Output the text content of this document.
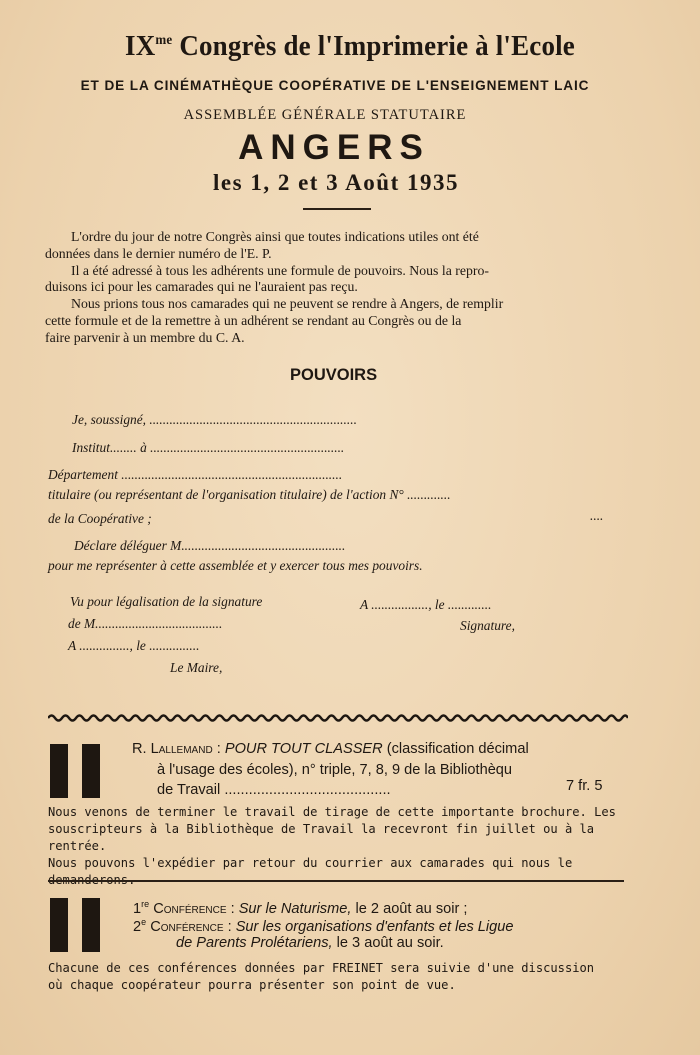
$IX^{me}$ Congrès de l'Imprimerie à l'Ecole
ET DE LA CINÉMATHÈQUE COOPÉRATIVE DE L'ENSEIGNEMENT LAIC
ASSEMBLÉE GÉNÉRALE STATUTAIRE
ANGERS
les 1, 2 et 3 Août 1935
L'ordre du jour de notre Congrès ainsi que toutes indications utiles ont été
données dans le dernier numéro de l'E. P.
Il a été adressé à tous les adhérents une formule de pouvoirs. Nous la repro-
duisons ici pour les camarades qui ne l'auraient pas reçu.
Nous prions tous nos camarades qui ne peuvent se rendre à Angers, de remplir
cette formule et de la remettre à un adhérent se rendant au Congrès ou de la
faire parvenir à un membre du C. A.
POUVOIRS
Je, soussigné, ..............................................................
Institut........ à ..........................................................
Département ..................................................................
titulaire (ou représentant de l'organisation titulaire) de l'action N° .............
de la Coopérative ;	....
Déclare déléguer M.................................................
pour me représenter à cette assemblée et y exercer tous mes pouvoirs.
Vu pour légalisation de la signature
de M......................................
A ..............., le ...............
Le Maire,
A ................., le .............
Signature,
R. Lallemand : POUR TOUT CLASSER (classification décimal
à l'usage des écoles), n° triple, 7, 8, 9 de la Bibliothèqu
de Travail .........................................	7 fr. 5
Nous venons de terminer le travail de tirage de cette importante brochure. Les
souscripteurs à la Bibliothèque de Travail la recevront fin juillet ou à la rentrée.
Nous pouvons l'expédier par retour du courrier aux camarades qui nous le
1re Conférence : Sur le Naturisme, le 2 août au soir ;
2e Conférence : Sur les organisations d'enfants et les Ligue
de Parents Prolétariens, le 3 août au soir.
Chacune de ces conférences données par FREINET sera suivie d'une discussion
où chaque coopérateur pourra présenter son point de vue.
